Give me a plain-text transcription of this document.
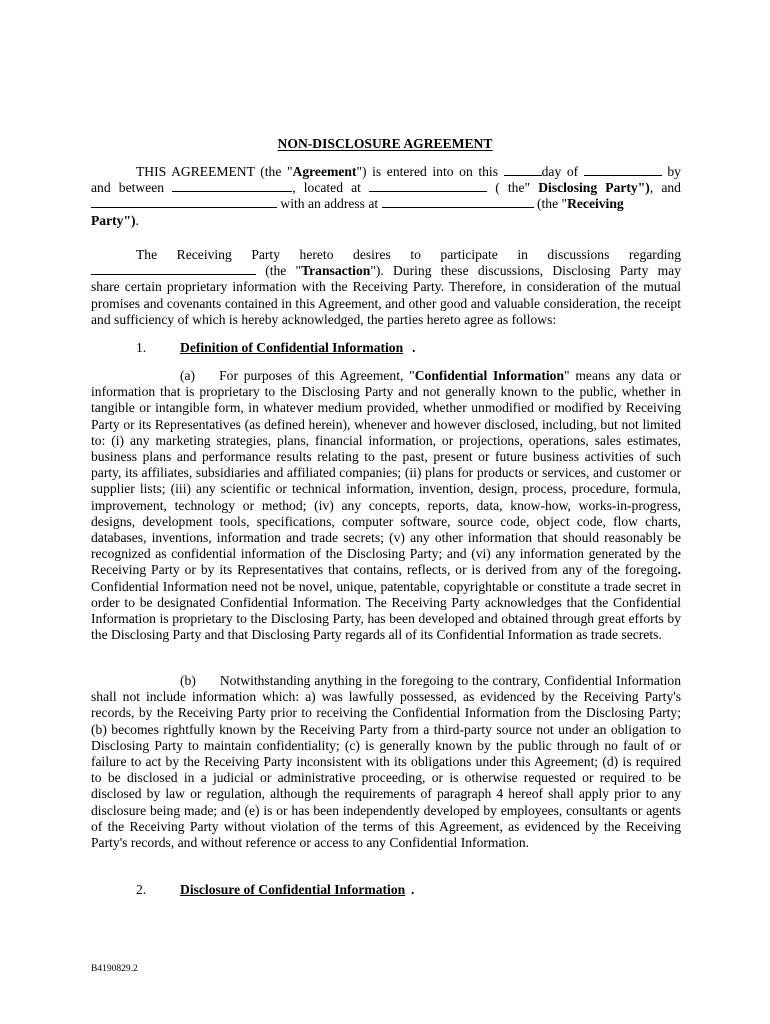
NON-DISCLOSURE AGREEMENT
THIS AGREEMENT (the "Agreement") is entered into on this	day of	by
and between	, located at	( the" Disclosing Party"), and
with an address at	(the "Receiving
Party").
The Receiving Party hereto desires to participate in discussions regarding
(the "Transaction"). During these discussions, Disclosing Party may
share certain proprietary information with the Receiving Party. Therefore, in consideration of the mutual promises and covenants contained in this Agreement, and other good and valuable consideration, the receipt and sufficiency of which is hereby acknowledged, the parties hereto agree as follows:
1. Definition of Confidential Information .
(a) For purposes of this Agreement, "Confidential Information" means any data or information that is proprietary to the Disclosing Party and not generally known to the public, whether in tangible or intangible form, in whatever medium provided, whether unmodified or modified by Receiving Party or its Representatives (as defined herein), whenever and however disclosed, including, but not limited to: (i) any marketing strategies, plans, financial information, or projections, operations, sales estimates, business plans and performance results relating to the past, present or future business activities of such party, its affiliates, subsidiaries and affiliated companies; (ii) plans for products or services, and customer or supplier lists; (iii) any scientific or technical information, invention, design, process, procedure, formula, improvement, technology or method; (iv) any concepts, reports, data, know-how, works-in-progress, designs, development tools, specifications, computer software, source code, object code, flow charts, databases, inventions, information and trade secrets; (v) any other information that should reasonably be recognized as confidential information of the Disclosing Party; and (vi) any information generated by the Receiving Party or by its Representatives that contains, reflects, or is derived from any of the foregoing. Confidential Information need not be novel, unique, patentable, copyrightable or constitute a trade secret in order to be designated Confidential Information. The Receiving Party acknowledges that the Confidential Information is proprietary to the Disclosing Party, has been developed and obtained through great efforts by the Disclosing Party and that Disclosing Party regards all of its Confidential Information as trade secrets.
(b) Notwithstanding anything in the foregoing to the contrary, Confidential Information shall not include information which: a) was lawfully possessed, as evidenced by the Receiving Party's records, by the Receiving Party prior to receiving the Confidential Information from the Disclosing Party; (b) becomes rightfully known by the Receiving Party from a third-party source not under an obligation to Disclosing Party to maintain confidentiality; (c) is generally known by the public through no fault of or failure to act by the Receiving Party inconsistent with its obligations under this Agreement; (d) is required to be disclosed in a judicial or administrative proceeding, or is otherwise requested or required to be disclosed by law or regulation, although the requirements of paragraph 4 hereof shall apply prior to any disclosure being made; and (e) is or has been independently developed by employees, consultants or agents of the Receiving Party without violation of the terms of this Agreement, as evidenced by the Receiving Party's records, and without reference or access to any Confidential Information.
2. Disclosure of Confidential Information .
B4190829.2
